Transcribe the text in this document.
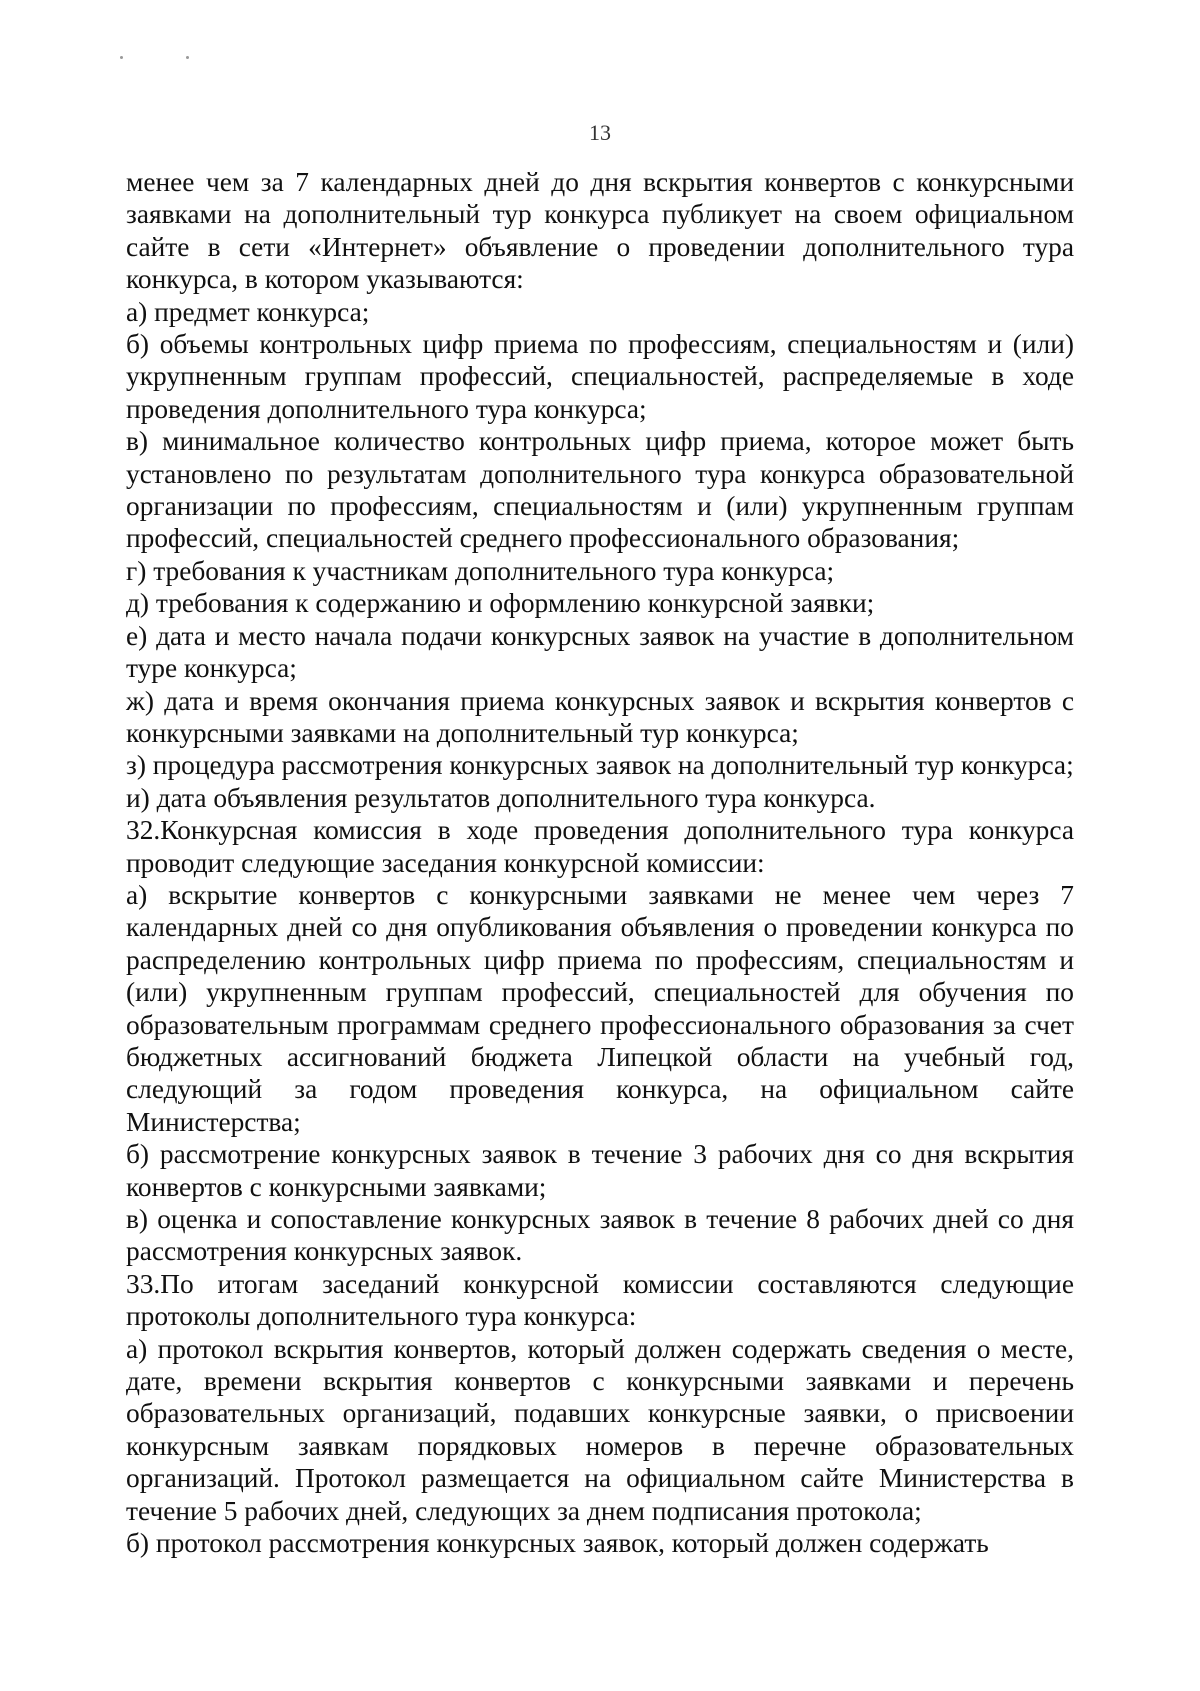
13

менее чем за 7 календарных дней до дня вскрытия конвертов с конкурсными заявками на дополнительный тур конкурса публикует на своем официальном сайте в сети «Интернет» объявление о проведении дополнительного тура конкурса, в котором указываются:

а) предмет конкурса;

б) объемы контрольных цифр приема по профессиям, специальностям и (или) укрупненным группам профессий, специальностей, распределяемые в ходе проведения дополнительного тура конкурса;

в) минимальное количество контрольных цифр приема, которое может быть установлено по результатам дополнительного тура конкурса образовательной организации по профессиям, специальностям и (или) укрупненным группам профессий, специальностей среднего профессионального образования;

г) требования к участникам дополнительного тура конкурса;

д) требования к содержанию и оформлению конкурсной заявки;

е) дата и место начала подачи конкурсных заявок на участие в дополнительном туре конкурса;

ж) дата и время окончания приема конкурсных заявок и вскрытия конвертов с конкурсными заявками на дополнительный тур конкурса;

з) процедура рассмотрения конкурсных заявок на дополнительный тур конкурса;

и) дата объявления результатов дополнительного тура конкурса.

32.Конкурсная комиссия в ходе проведения дополнительного тура конкурса проводит следующие заседания конкурсной комиссии:

а) вскрытие конвертов с конкурсными заявками не менее чем через 7 календарных дней со дня опубликования объявления о проведении конкурса по распределению контрольных цифр приема по профессиям, специальностям и (или) укрупненным группам профессий, специальностей для обучения по образовательным программам среднего профессионального образования за счет бюджетных ассигнований бюджета Липецкой области на учебный год, следующий за годом проведения конкурса, на официальном сайте Министерства;

б) рассмотрение конкурсных заявок в течение 3 рабочих дня со дня вскрытия конвертов с конкурсными заявками;

в) оценка и сопоставление конкурсных заявок в течение 8 рабочих дней со дня рассмотрения конкурсных заявок.

33.По итогам заседаний конкурсной комиссии составляются следующие протоколы дополнительного тура конкурса:

а) протокол вскрытия конвертов, который должен содержать сведения о месте, дате, времени вскрытия конвертов с конкурсными заявками и перечень образовательных организаций, подавших конкурсные заявки, о присвоении конкурсным заявкам порядковых номеров в перечне образовательных организаций. Протокол размещается на официальном сайте Министерства в течение 5 рабочих дней, следующих за днем подписания протокола;

б) протокол рассмотрения конкурсных заявок, который должен содержать
